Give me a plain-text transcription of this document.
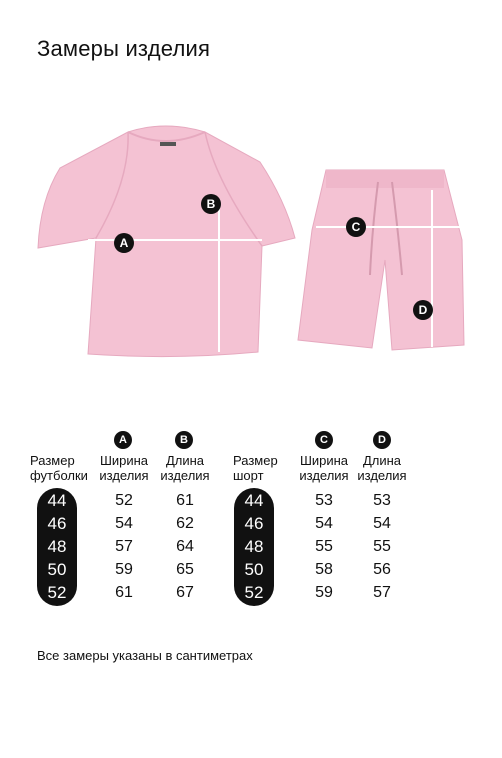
Замеры изделия
A
B
C
D
A	B	C	D
Размер
футболки
Ширина
изделия
Длина
изделия
Размер
шорт
Ширина
изделия
Длина
изделия
44	52	61
46	54	62
48	57	64
50	59	65
52	61	67
44	53	53
46	54	54
48	55	55
50	58	56
52	59	57
Все замеры указаны в сантиметрах
